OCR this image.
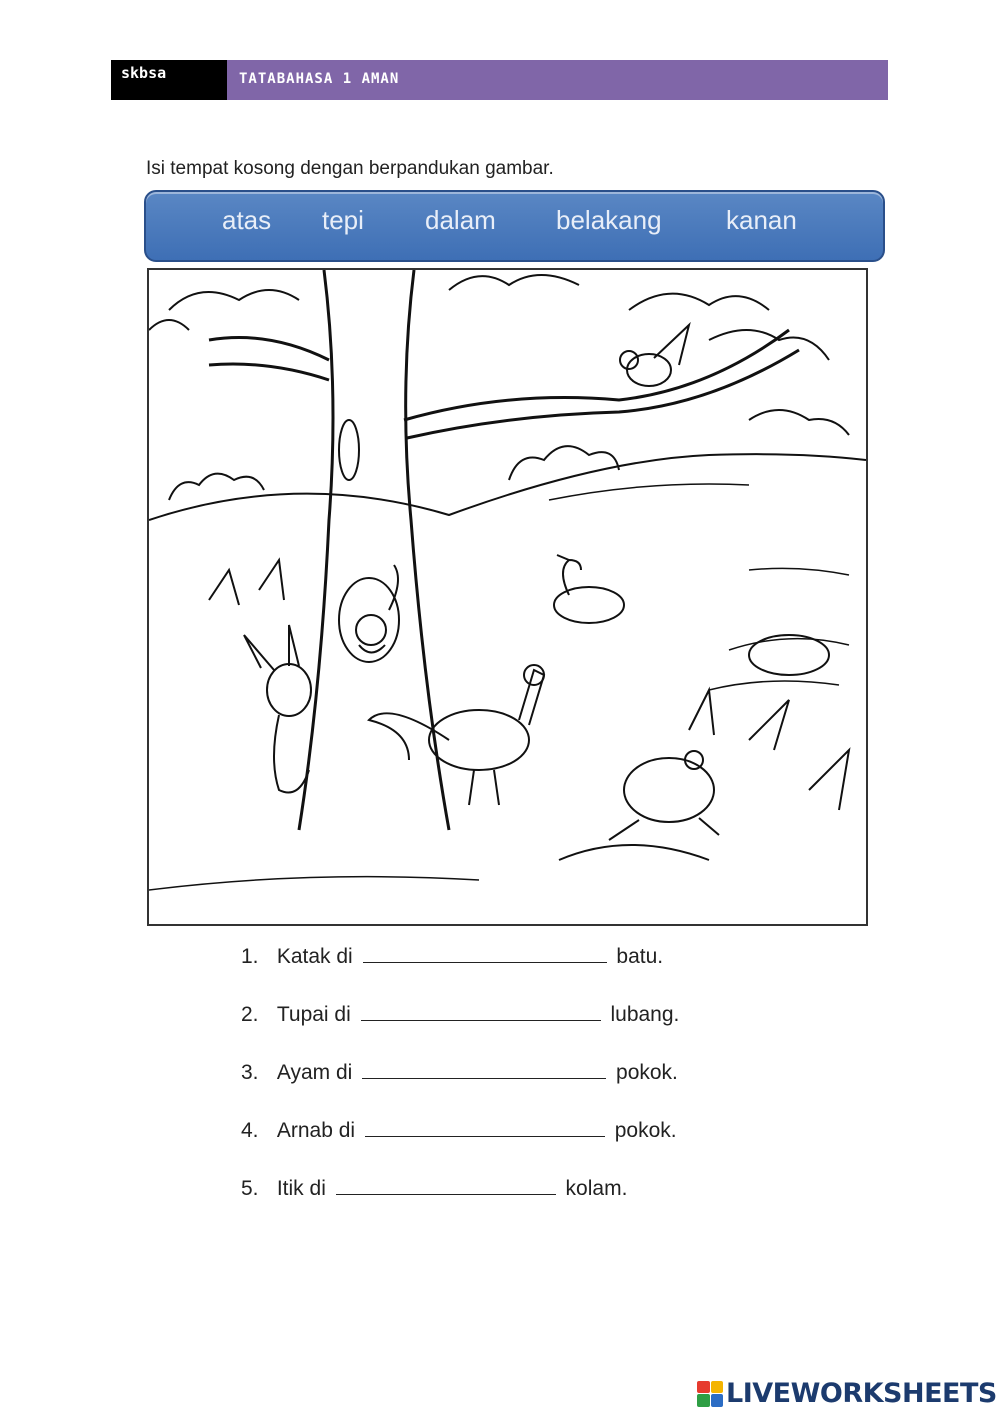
skbsa	TATABAHASA 1 AMAN
Isi tempat kosong dengan berpandukan gambar.
atas tepi dalam belakang kanan
1. Katak di	batu.
2. Tupai di	lubang.
3. Ayam di	pokok.
4. Arnab di	pokok.
5. Itik di	kolam.
LIVEWORKSHEETS
